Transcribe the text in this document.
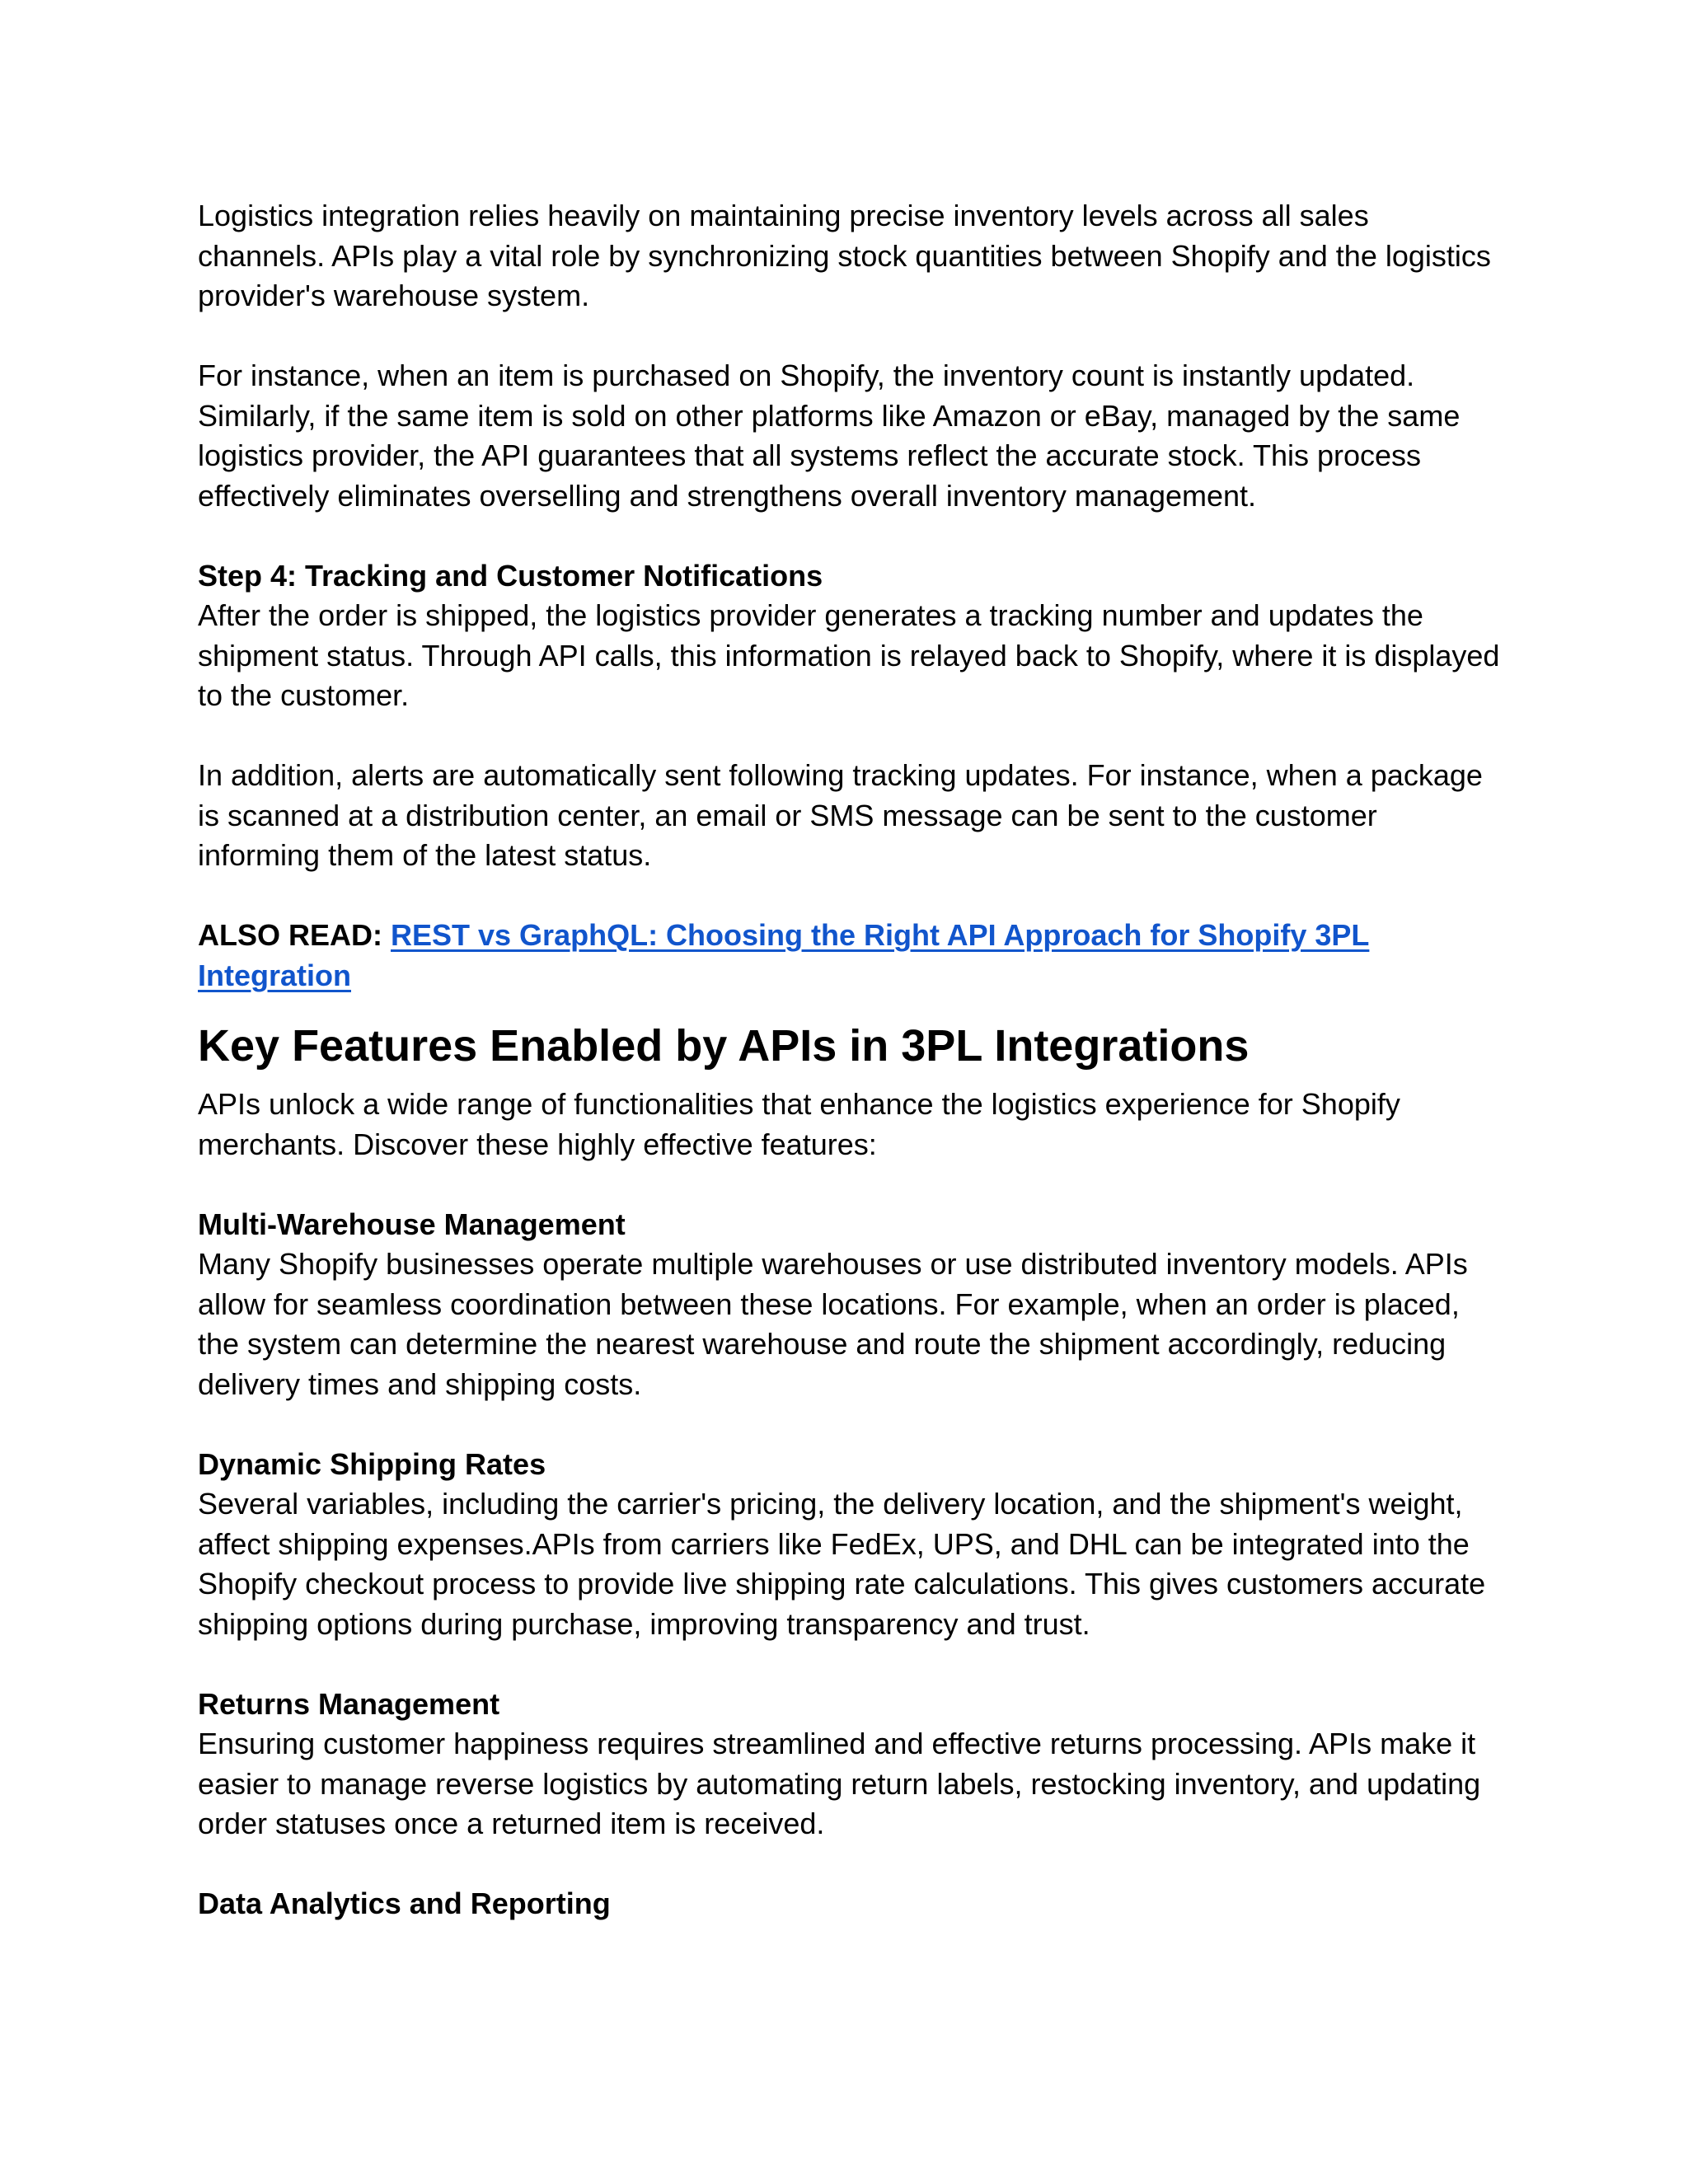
Logistics integration relies heavily on maintaining precise inventory levels across all sales channels. APIs play a vital role by synchronizing stock quantities between Shopify and the logistics provider's warehouse system.

For instance, when an item is purchased on Shopify, the inventory count is instantly updated. Similarly, if the same item is sold on other platforms like Amazon or eBay, managed by the same logistics provider, the API guarantees that all systems reflect the accurate stock. This process effectively eliminates overselling and strengthens overall inventory management.

Step 4: Tracking and Customer Notifications

After the order is shipped, the logistics provider generates a tracking number and updates the shipment status. Through API calls, this information is relayed back to Shopify, where it is displayed to the customer.

In addition, alerts are automatically sent following tracking updates. For instance, when a package is scanned at a distribution center, an email or SMS message can be sent to the customer informing them of the latest status.

ALSO READ: REST vs GraphQL: Choosing the Right API Approach for Shopify 3PL Integration

Key Features Enabled by APIs in 3PL Integrations

APIs unlock a wide range of functionalities that enhance the logistics experience for Shopify merchants. Discover these highly effective features:

Multi-Warehouse Management

Many Shopify businesses operate multiple warehouses or use distributed inventory models. APIs allow for seamless coordination between these locations. For example, when an order is placed, the system can determine the nearest warehouse and route the shipment accordingly, reducing delivery times and shipping costs.

Dynamic Shipping Rates

Several variables, including the carrier's pricing, the delivery location, and the shipment's weight, affect shipping expenses.APIs from carriers like FedEx, UPS, and DHL can be integrated into the Shopify checkout process to provide live shipping rate calculations. This gives customers accurate shipping options during purchase, improving transparency and trust.

Returns Management

Ensuring customer happiness requires streamlined and effective returns processing. APIs make it easier to manage reverse logistics by automating return labels, restocking inventory, and updating order statuses once a returned item is received.

Data Analytics and Reporting
